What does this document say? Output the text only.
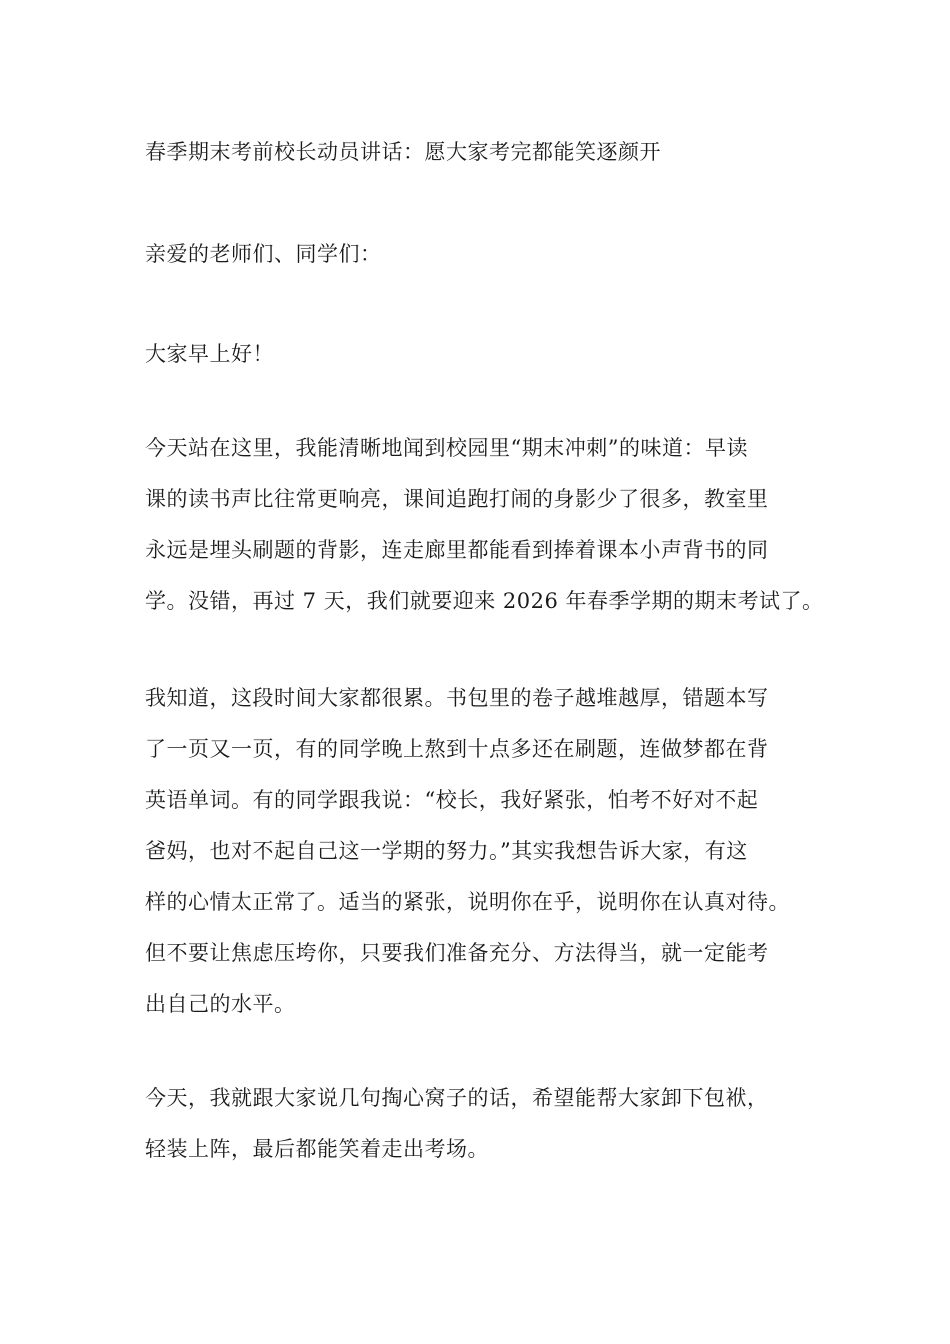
春季期末考前校长动员讲话：愿大家考完都能笑逐颜开
亲爱的老师们、同学们：
大家早上好！
今天站在这里，我能清晰地闻到校园里“期末冲刺”的味道：早读
课的读书声比往常更响亮，课间追跑打闹的身影少了很多，教室里
永远是埋头刷题的背影，连走廊里都能看到捧着课本小声背书的同
学。没错，再过 7 天，我们就要迎来 2026 年春季学期的期末考试了。
我知道，这段时间大家都很累。书包里的卷子越堆越厚，错题本写
了一页又一页，有的同学晚上熬到十点多还在刷题，连做梦都在背
英语单词。有的同学跟我说：“校长，我好紧张，怕考不好对不起
爸妈，也对不起自己这一学期的努力。”其实我想告诉大家，有这
样的心情太正常了。适当的紧张，说明你在乎，说明你在认真对待。
但不要让焦虑压垮你，只要我们准备充分、方法得当，就一定能考
出自己的水平。
今天，我就跟大家说几句掏心窝子的话，希望能帮大家卸下包袱，
轻装上阵，最后都能笑着走出考场。
